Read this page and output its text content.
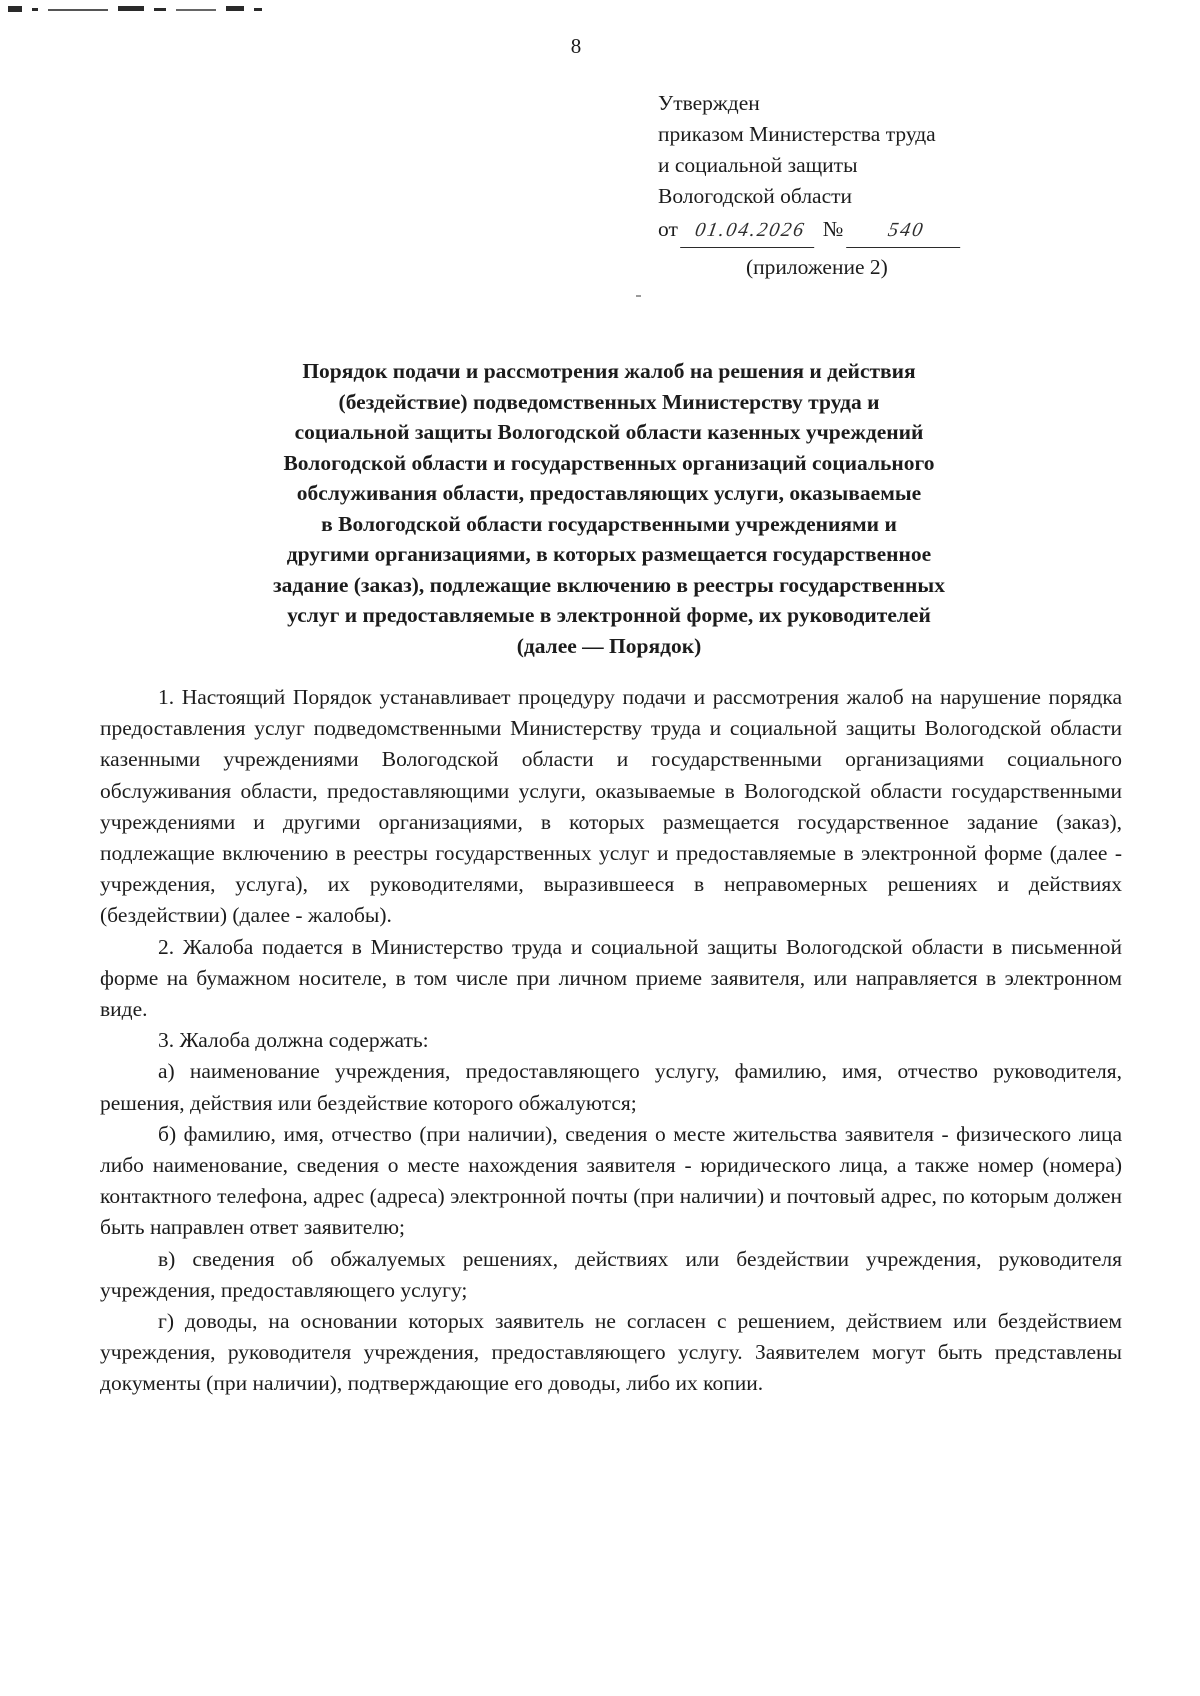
8
Утвержден
приказом Министерства труда
и социальной защиты
Вологодской области
от 01.04.2026 № 540
(приложение 2)
Порядок подачи и рассмотрения жалоб на решения и действия
(бездействие) подведомственных Министерству труда и
социальной защиты Вологодской области казенных учреждений
Вологодской области и государственных организаций социального
обслуживания области, предоставляющих услуги, оказываемые
в Вологодской области государственными учреждениями и
другими организациями, в которых размещается государственное
задание (заказ), подлежащие включению в реестры государственных
услуг и предоставляемые в электронной форме, их руководителей
(далее — Порядок)

1. Настоящий Порядок устанавливает процедуру подачи и рассмотрения жалоб на нарушение порядка предоставления услуг подведомственными Министерству труда и социальной защиты Вологодской области казенными учреждениями Вологодской области и государственными организациями социального обслуживания области, предоставляющими услуги, оказываемые в Вологодской области государственными учреждениями и другими организациями, в которых размещается государственное задание (заказ), подлежащие включению в реестры государственных услуг и предоставляемые в электронной форме (далее - учреждения, услуга), их руководителями, выразившееся в неправомерных решениях и действиях (бездействии) (далее - жалобы).

2. Жалоба подается в Министерство труда и социальной защиты Вологодской области в письменной форме на бумажном носителе, в том числе при личном приеме заявителя, или направляется в электронном виде.

3. Жалоба должна содержать:

а) наименование учреждения, предоставляющего услугу, фамилию, имя, отчество руководителя, решения, действия или бездействие которого обжалуются;

б) фамилию, имя, отчество (при наличии), сведения о месте жительства заявителя - физического лица либо наименование, сведения о месте нахождения заявителя - юридического лица, а также номер (номера) контактного телефона, адрес (адреса) электронной почты (при наличии) и почтовый адрес, по которым должен быть направлен ответ заявителю;

в) сведения об обжалуемых решениях, действиях или бездействии учреждения, руководителя учреждения, предоставляющего услугу;

г) доводы, на основании которых заявитель не согласен с решением, действием или бездействием учреждения, руководителя учреждения, предоставляющего услугу. Заявителем могут быть представлены документы (при наличии), подтверждающие его доводы, либо их копии.
